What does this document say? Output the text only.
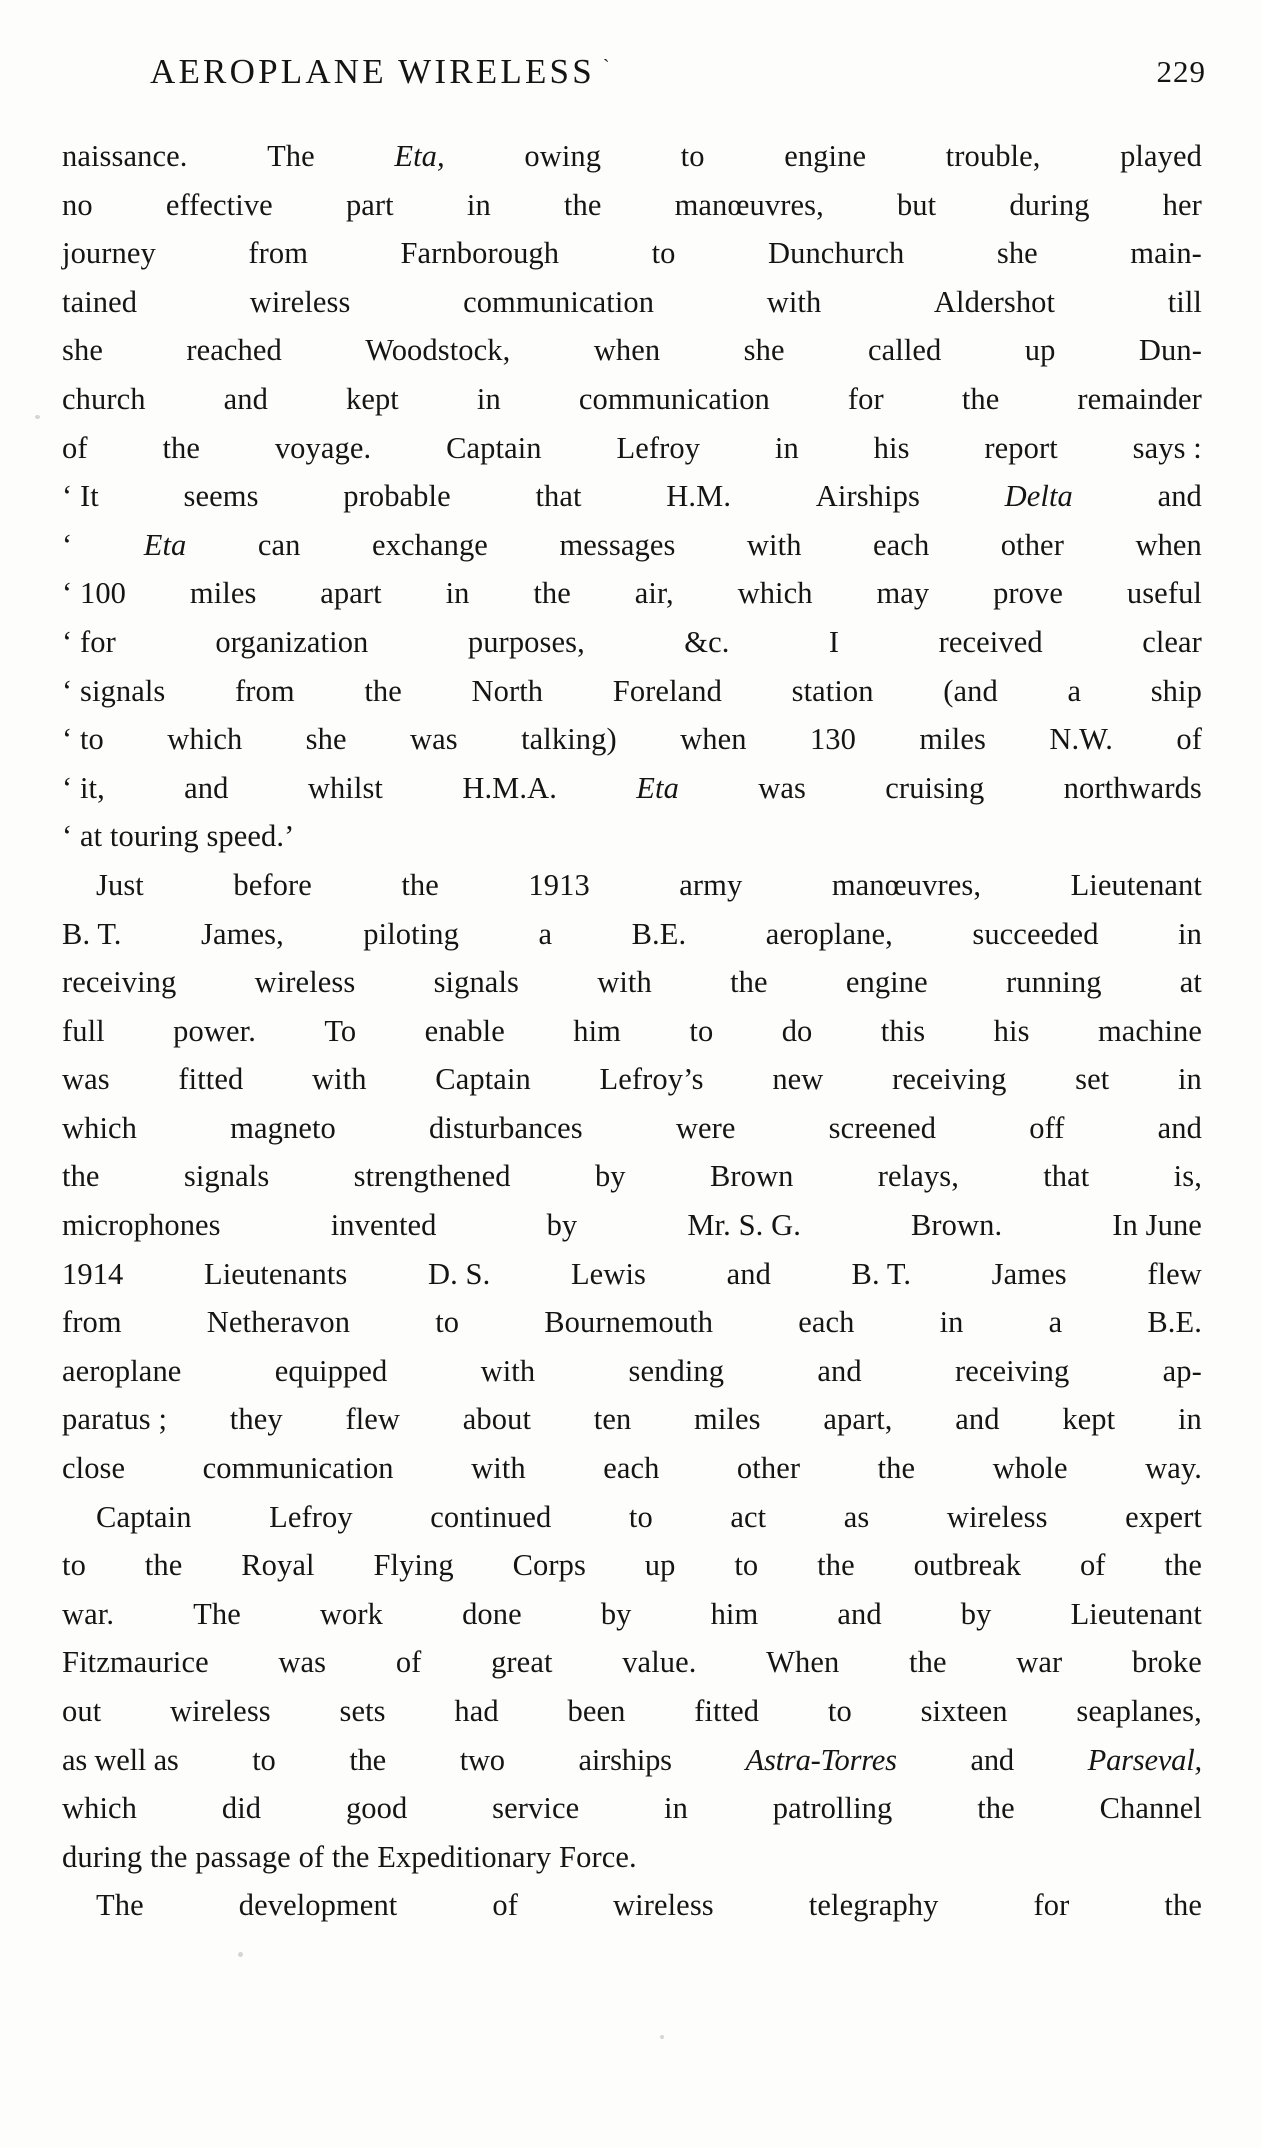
AEROPLANE WIRELESS `	229
naissance.	The	Eta,	owing	to	engine	trouble,	played
no effective part in the manœuvres, but during her
journey	from	Farnborough	to	Dunchurch	she	main-
tained	wireless	communication	with	Aldershot	till
she	reached	Woodstock,	when	she	called	up	Dun-
church	and	kept	in	communication	for	the	remainder
of the voyage. Captain Lefroy in his report says :
‘ It	seems	probable	that	H.M.	Airships	Delta	and
‘ Eta can exchange messages with each other when
‘ 100 miles apart in the air, which may prove useful
‘ for	organization	purposes,	&c.	I	received	clear
‘ signals from the North Foreland station (and a ship
‘ to which she was talking) when 130 miles N.W. of
‘ it,	and	whilst	H.M.A.	Eta	was	cruising	northwards
‘ at touring speed.’
Just	before	the	1913	army	manœuvres,	Lieutenant
B. T.	James,	piloting	a	B.E.	aeroplane,	succeeded	in
receiving	wireless	signals	with	the	engine	running	at
full power. To enable him to do this his machine
was fitted with Captain Lefroy’s new receiving set in
which	magneto	disturbances	were	screened	off	and
the	signals	strengthened	by	Brown	relays,	that	is,
microphones	invented	by	Mr. S. G.	Brown.	In June
1914	Lieutenants	D. S.	Lewis	and	B. T.	James	flew
from	Netheravon	to	Bournemouth	each	in	a	B.E.
aeroplane	equipped	with	sending	and	receiving	ap-
paratus ; they flew about ten miles apart, and kept in
close	communication	with	each	other	the	whole	way.
Captain	Lefroy	continued	to	act	as	wireless	expert
to the Royal Flying Corps up to the outbreak of the
war.	The	work	done	by	him	and	by	Lieutenant
Fitzmaurice was of great value. When the war broke
out wireless sets had been fitted to sixteen seaplanes,
as well as to the two airships Astra-Torres and Parseval,
which	did	good	service	in	patrolling	the	Channel
during the passage of the Expeditionary Force.
The	development	of	wireless	telegraphy	for	the
